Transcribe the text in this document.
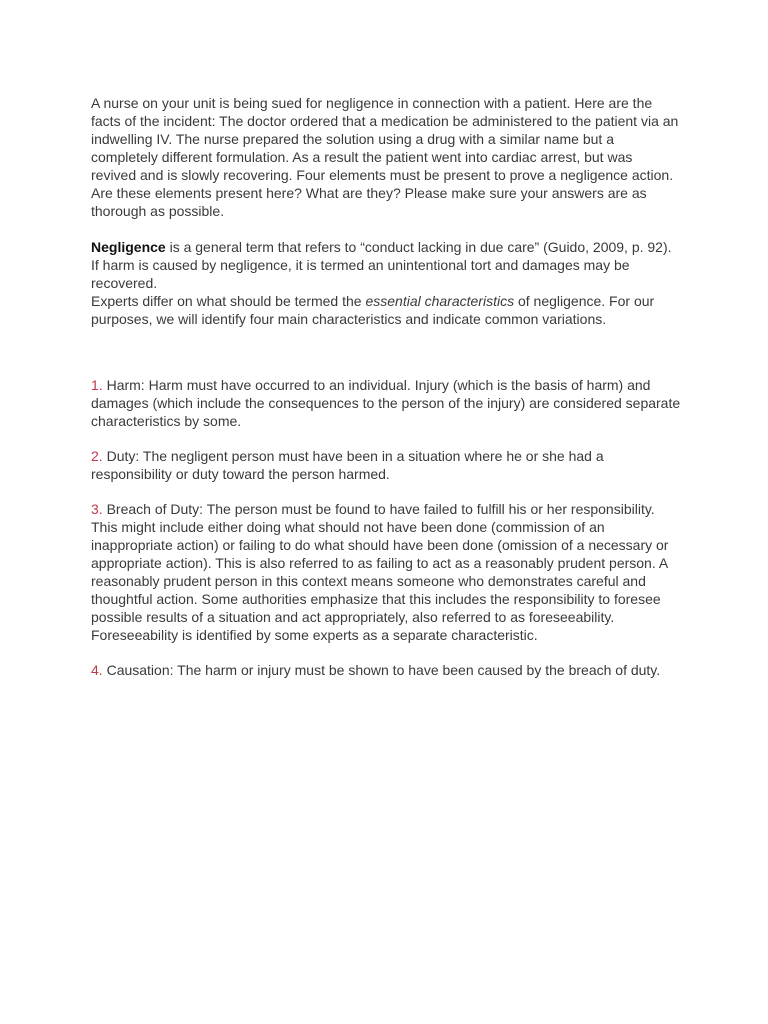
A nurse on your unit is being sued for negligence in connection with a patient. Here are the facts of the incident: The doctor ordered that a medication be administered to the patient via an indwelling IV. The nurse prepared the solution using a drug with a similar name but a completely different formulation. As a result the patient went into cardiac arrest, but was revived and is slowly recovering. Four elements must be present to prove a negligence action. Are these elements present here? What are they? Please make sure your answers are as thorough as possible.

Negligence is a general term that refers to “conduct lacking in due care” (Guido, 2009, p. 92).

If harm is caused by negligence, it is termed an unintentional tort and damages may be recovered.

Experts differ on what should be termed the essential characteristics of negligence. For our purposes, we will identify four main characteristics and indicate common variations.

1. Harm: Harm must have occurred to an individual. Injury (which is the basis of harm) and damages (which include the consequences to the person of the injury) are considered separate characteristics by some.

2. Duty: The negligent person must have been in a situation where he or she had a responsibility or duty toward the person harmed.

3. Breach of Duty: The person must be found to have failed to fulfill his or her responsibility. This might include either doing what should not have been done (commission of an inappropriate action) or failing to do what should have been done (omission of a necessary or appropriate action). This is also referred to as failing to act as a reasonably prudent person. A reasonably prudent person in this context means someone who demonstrates careful and thoughtful action. Some authorities emphasize that this includes the responsibility to foresee possible results of a situation and act appropriately, also referred to as foreseeability. Foreseeability is identified by some experts as a separate characteristic.

4. Causation: The harm or injury must be shown to have been caused by the breach of duty.
